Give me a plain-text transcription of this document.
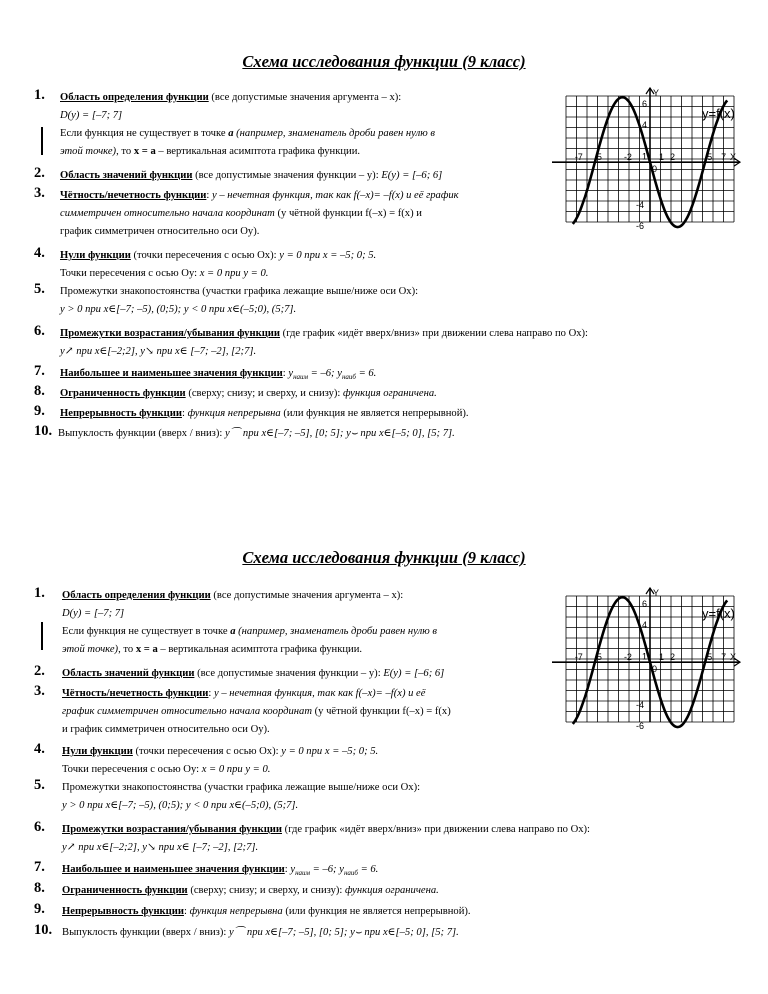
Схема исследования функции (9 класс)
1. Область определения функции (все допустимые значения аргумента – x):
D(y) = [–7; 7]
Если функция не существует в точке a (например, знаменатель дроби равен нулю в
этой точке), то x = a – вертикальная асимптота графика функции.
2. Область значений функции (все допустимые значения функции – y): E(y) = [–6; 6]
3. Чётность/нечетность функции: y – нечетная функция, так как f(–x)= –f(x) и её график
симметричен относительно начала координат (у чётной функции f(–x) = f(x) и
график симметричен относительно оси Оу).
4. Нули функции (точки пересечения с осью Ох): y = 0 при x = –5; 0; 5.
Точки пересечения с осью Оу: x = 0 при y = 0.
5. Промежутки знакопостоянства (участки графика лежащие выше/ниже оси Ох):
y > 0 при x∈[–7; –5), (0;5); y < 0 при x∈(–5;0), (5;7].
6. Промежутки возрастания/убывания функции (где график «идёт вверх/вниз» при движении слева направо по Ох):
y↗ при x∈[–2;2], y↘ при x∈ [–7; –2], [2;7].
7. Наибольшее и наименьшее значения функции: $y_{наим} = -6$; $y_{наиб} = 6$.
8. Ограниченность функции (сверху; снизу; и сверху, и снизу): функция ограничена.
9. Непрерывность функции: функция непрерывна (или функция не является непрерывной).
10. Выпуклость функции (вверх / вниз): y⌒ при x∈[–7; –5], [0; 5]; y⌣ при x∈[–5; 0], [5; 7].
y=f(x)
Y
X
0
-7 5 -2	1 2	5 7
6
4
1
-4
-6
Схема исследования функции (9 класс)
1. Область определения функции (все допустимые значения аргумента – x):
D(y) = [–7; 7]
Если функция не существует в точке a (например, знаменатель дроби равен нулю в
этой точке), то x = a – вертикальная асимптота графика функции.
2. Область значений функции (все допустимые значения функции – y): E(y) = [–6; 6]
3. Чётность/нечетность функции: y – нечетная функция, так как f(–x)= –f(x) и её
график симметричен относительно начала координат (у чётной функции f(–x) = f(x)
и график симметричен относительно оси Оу).
4. Нули функции (точки пересечения с осью Ох): y = 0 при x = –5; 0; 5.
Точки пересечения с осью Оу: x = 0 при y = 0.
5. Промежутки знакопостоянства (участки графика лежащие выше/ниже оси Ох):
y > 0 при x∈[–7; –5), (0;5); y < 0 при x∈(–5;0), (5;7].
6. Промежутки возрастания/убывания функции (где график «идёт вверх/вниз» при движении слева направо по Ох):
y↗ при x∈[–2;2], y↘ при x∈ [–7; –2], [2;7].
7. Наибольшее и наименьшее значения функции: $y_{наим} = -6$; $y_{наиб} = 6$.
8. Ограниченность функции (сверху; снизу; и сверху, и снизу): функция ограничена.
9. Непрерывность функции: функция непрерывна (или функция не является непрерывной).
10. Выпуклость функции (вверх / вниз): y⌒ при x∈[–7; –5], [0; 5]; y⌣ при x∈[–5; 0], [5; 7].
y=f(x)
Y
X
0
-7 5 -2	1 2	5 7
6
4
1
-4
-6
